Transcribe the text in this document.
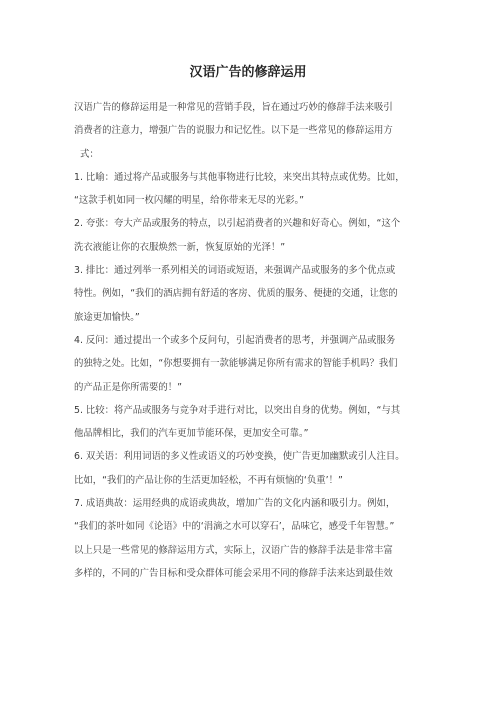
汉语广告的修辞运用
汉语广告的修辞运用是一种常见的营销手段，旨在通过巧妙的修辞手法来吸引
消费者的注意力，增强广告的说服力和记忆性。以下是一些常见的修辞运用方
式：
1. 比喻：通过将产品或服务与其他事物进行比较，来突出其特点或优势。比如，
“这款手机如同一枚闪耀的明星，给你带来无尽的光彩。”
2. 夸张：夸大产品或服务的特点，以引起消费者的兴趣和好奇心。例如，“这个
洗衣液能让你的衣服焕然一新，恢复原始的光泽！”
3. 排比：通过列举一系列相关的词语或短语，来强调产品或服务的多个优点或
特性。例如，“我们的酒店拥有舒适的客房、优质的服务、便捷的交通，让您的
旅途更加愉快。”
4. 反问：通过提出一个或多个反问句，引起消费者的思考，并强调产品或服务
的独特之处。比如，“你想要拥有一款能够满足你所有需求的智能手机吗？我们
的产品正是你所需要的！”
5. 比较：将产品或服务与竞争对手进行对比，以突出自身的优势。例如，“与其
他品牌相比，我们的汽车更加节能环保，更加安全可靠。”
6. 双关语：利用词语的多义性或语义的巧妙变换，使广告更加幽默或引人注目。
比如，“我们的产品让你的生活更加轻松，不再有烦恼的‘负重’！”
7. 成语典故：运用经典的成语或典故，增加广告的文化内涵和吸引力。例如，
“我们的茶叶如同《论语》中的‘涓滴之水可以穿石’，品味它，感受千年智慧。”
以上只是一些常见的修辞运用方式，实际上，汉语广告的修辞手法是非常丰富
多样的，不同的广告目标和受众群体可能会采用不同的修辞手法来达到最佳效
